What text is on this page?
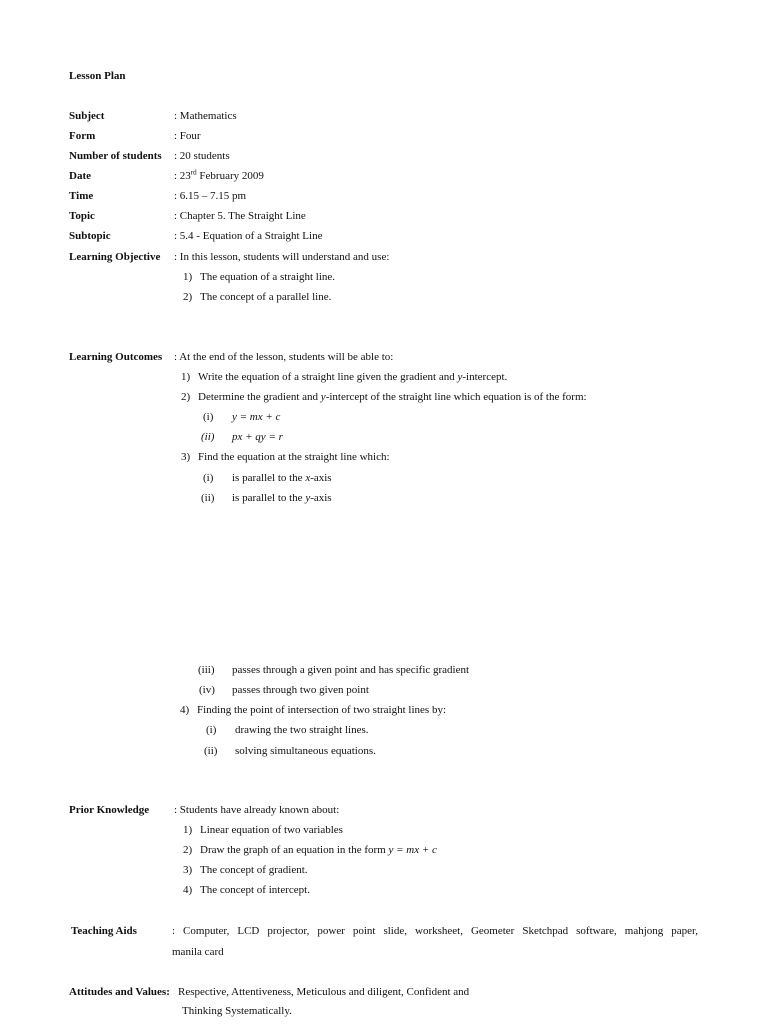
Lesson Plan
Subject	: Mathematics
Form	: Four
Number of students : 20 students
Date	: 23rd February 2009
Time	: 6.15 – 7.15 pm
Topic	: Chapter 5. The Straight Line
Subtopic	: 5.4 - Equation of a Straight Line
Learning Objective : In this lesson, students will understand and use:
1) The equation of a straight line.
2) The concept of a parallel line.
Learning Outcomes : At the end of the lesson, students will be able to:
1) Write the equation of a straight line given the gradient and y-intercept.
2) Determine the gradient and y-intercept of the straight line which equation is of the form:
(i) y = mx + c
(ii) px + qy = r
3) Find the equation at the straight line which:
(i) is parallel to the x-axis
(ii) is parallel to the y-axis
(iii) passes through a given point and has specific gradient
(iv) passes through two given point
4) Finding the point of intersection of two straight lines by:
(i) drawing the two straight lines.
(ii) solving simultaneous equations.
Prior Knowledge : Students have already known about:
1) Linear equation of two variables
2) Draw the graph of an equation in the form y = mx + c
3) The concept of gradient.
4) The concept of intercept.
Teaching Aids	: Computer, LCD projector, power point slide, worksheet, Geometer Sketchpad software, mahjong paper,
manila card
Attitudes and Values: Respective, Attentiveness, Meticulous and diligent, Confident and
Thinking Systematically.
